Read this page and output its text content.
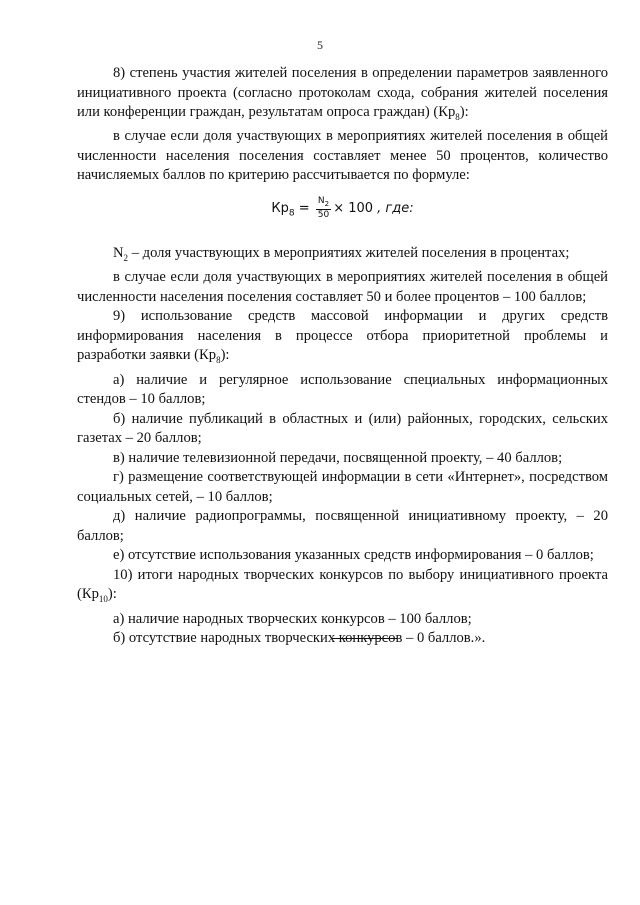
5

8) степень участия жителей поселения в определении параметров заявленного инициативного проекта (согласно протоколам схода, собрания жителей поселения или конференции граждан, результатам опроса граждан) $(Кр_8)$:

в случае если доля участвующих в мероприятиях жителей поселения в общей численности населения поселения составляет менее 50 процентов, количество начисляемых баллов по критерию рассчитывается по формуле:

$Кр_8 = \frac{N_2}{50} \times 100$ , где:

$N_2$ – доля участвующих в мероприятиях жителей поселения в процентах;

в случае если доля участвующих в мероприятиях жителей поселения в общей численности населения поселения составляет 50 и более процентов – 100 баллов;

9) использование средств массовой информации и других средств информирования населения в процессе отбора приоритетной проблемы и разработки заявки $(Кр_8)$:

а) наличие и регулярное использование специальных информационных стендов – 10 баллов;

б) наличие публикаций в областных и (или) районных, городских, сельских газетах – 20 баллов;

в) наличие телевизионной передачи, посвященной проекту, – 40 баллов;

г) размещение соответствующей информации в сети «Интернет», посредством социальных сетей, – 10 баллов;

д) наличие радиопрограммы, посвященной инициативному проекту, – 20 баллов;

е) отсутствие использования указанных средств информирования – 0 баллов;

10) итоги народных творческих конкурсов по выбору инициативного проекта $(Кр_{10})$:

а) наличие народных творческих конкурсов – 100 баллов;

б) отсутствие народных творческих конкурсов – 0 баллов.».
